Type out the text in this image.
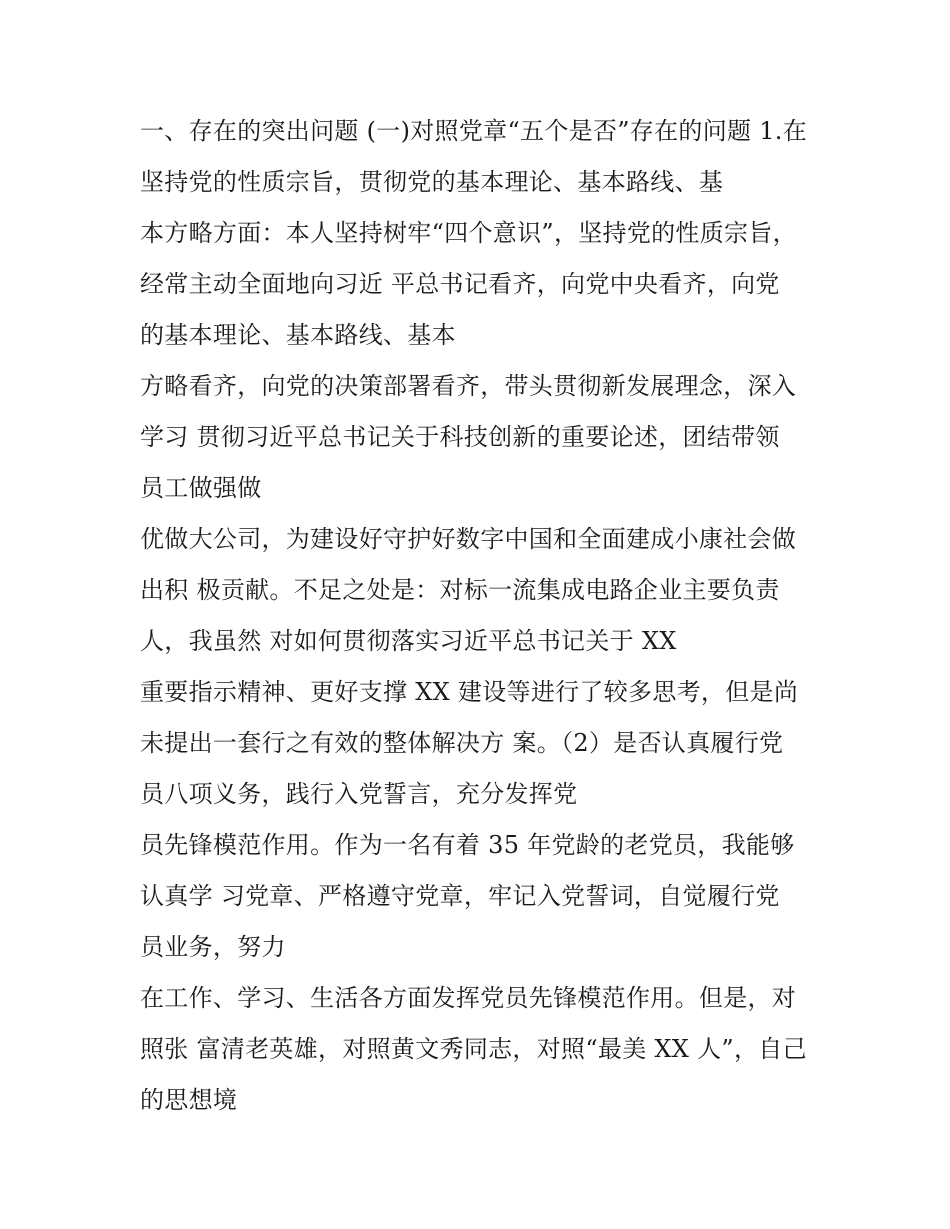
一、存在的突出问题 (一)对照党章“五个是否”存在的问题 1.在
坚持党的性质宗旨，贯彻党的基本理论、基本路线、基
本方略方面：本人坚持树牢“四个意识”，坚持党的性质宗旨，
经常主动全面地向习近 平总书记看齐，向党中央看齐，向党
的基本理论、基本路线、基本
方略看齐，向党的决策部署看齐，带头贯彻新发展理念，深入
学习 贯彻习近平总书记关于科技创新的重要论述，团结带领
员工做强做
优做大公司，为建设好守护好数字中国和全面建成小康社会做
出积 极贡献。不足之处是：对标一流集成电路企业主要负责
人，我虽然 对如何贯彻落实习近平总书记关于 XX
重要指示精神、更好支撑 XX 建设等进行了较多思考，但是尚
未提出一套行之有效的整体解决方 案。（2）是否认真履行党
员八项义务，践行入党誓言，充分发挥党
员先锋模范作用。作为一名有着 35 年党龄的老党员，我能够
认真学 习党章、严格遵守党章，牢记入党誓词，自觉履行党
员业务，努力
在工作、学习、生活各方面发挥党员先锋模范作用。但是，对
照张 富清老英雄，对照黄文秀同志，对照“最美 XX 人”，自己
的思想境
